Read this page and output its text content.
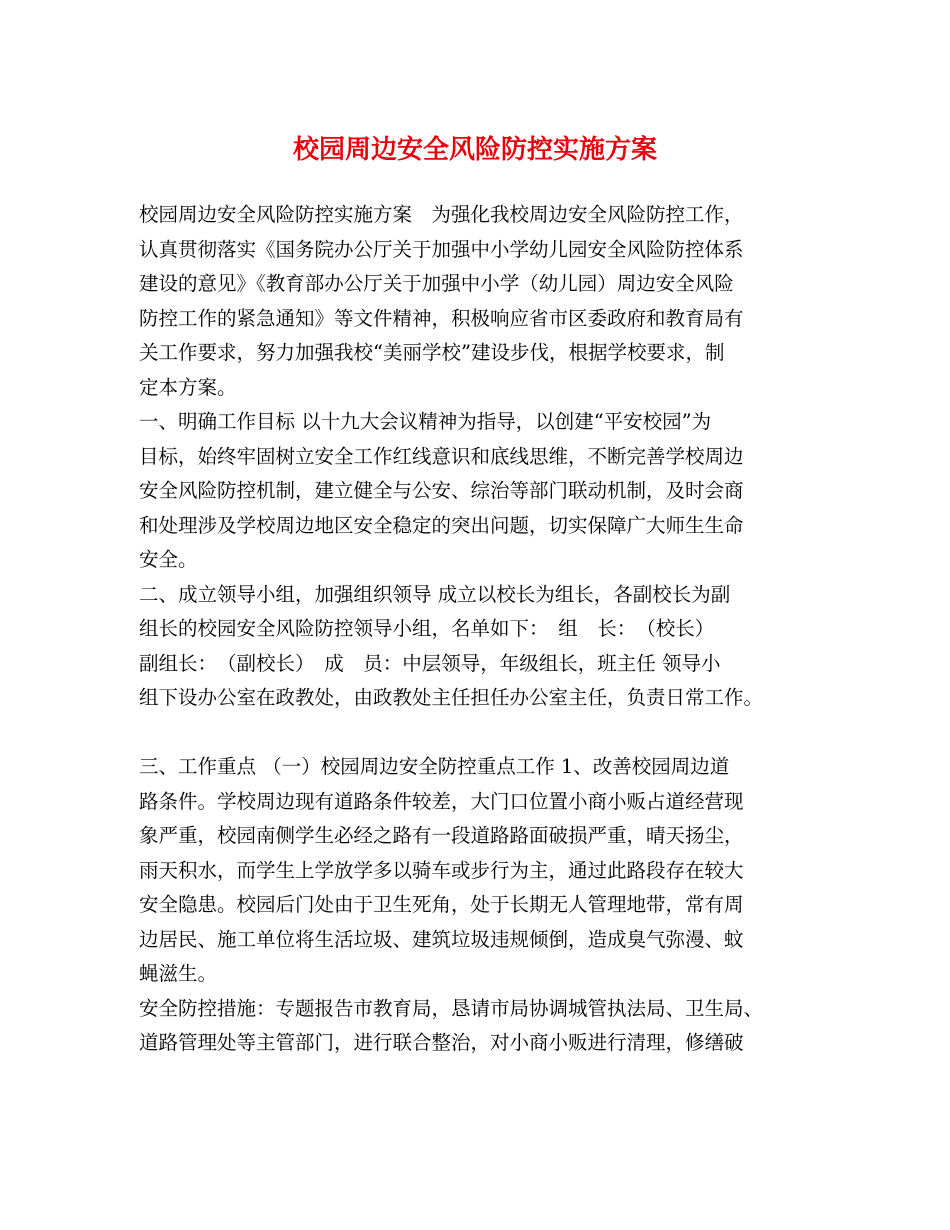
校园周边安全风险防控实施方案
校园周边安全风险防控实施方案　为强化我校周边安全风险防控工作，
认真贯彻落实《国务院办公厅关于加强中小学幼儿园安全风险防控体系
建设的意见》《教育部办公厅关于加强中小学（幼儿园）周边安全风险
防控工作的紧急通知》等文件精神，积极响应省市区委政府和教育局有
关工作要求，努力加强我校“美丽学校”建设步伐，根据学校要求，制
定本方案。
一、明确工作目标 以十九大会议精神为指导，以创建“平安校园”为
目标，始终牢固树立安全工作红线意识和底线思维，不断完善学校周边
安全风险防控机制，建立健全与公安、综治等部门联动机制，及时会商
和处理涉及学校周边地区安全稳定的突出问题，切实保障广大师生生命
安全。
二、成立领导小组，加强组织领导 成立以校长为组长，各副校长为副
组长的校园安全风险防控领导小组，名单如下：　组　长：　（校长）
副组长：　（副校长）　成　员：中层领导，年级组长，班主任 领导小
组下设办公室在政教处，由政教处主任担任办公室主任，负责日常工作。
三、工作重点 （一）校园周边安全防控重点工作 1、改善校园周边道
路条件。学校周边现有道路条件较差，大门口位置小商小贩占道经营现
象严重，校园南侧学生必经之路有一段道路路面破损严重，晴天扬尘，
雨天积水，而学生上学放学多以骑车或步行为主，通过此路段存在较大
安全隐患。校园后门处由于卫生死角，处于长期无人管理地带，常有周
边居民、施工单位将生活垃圾、建筑垃圾违规倾倒，造成臭气弥漫、蚊
蝇滋生。
安全防控措施：专题报告市教育局，恳请市局协调城管执法局、卫生局、
道路管理处等主管部门，进行联合整治，对小商小贩进行清理，修缮破
